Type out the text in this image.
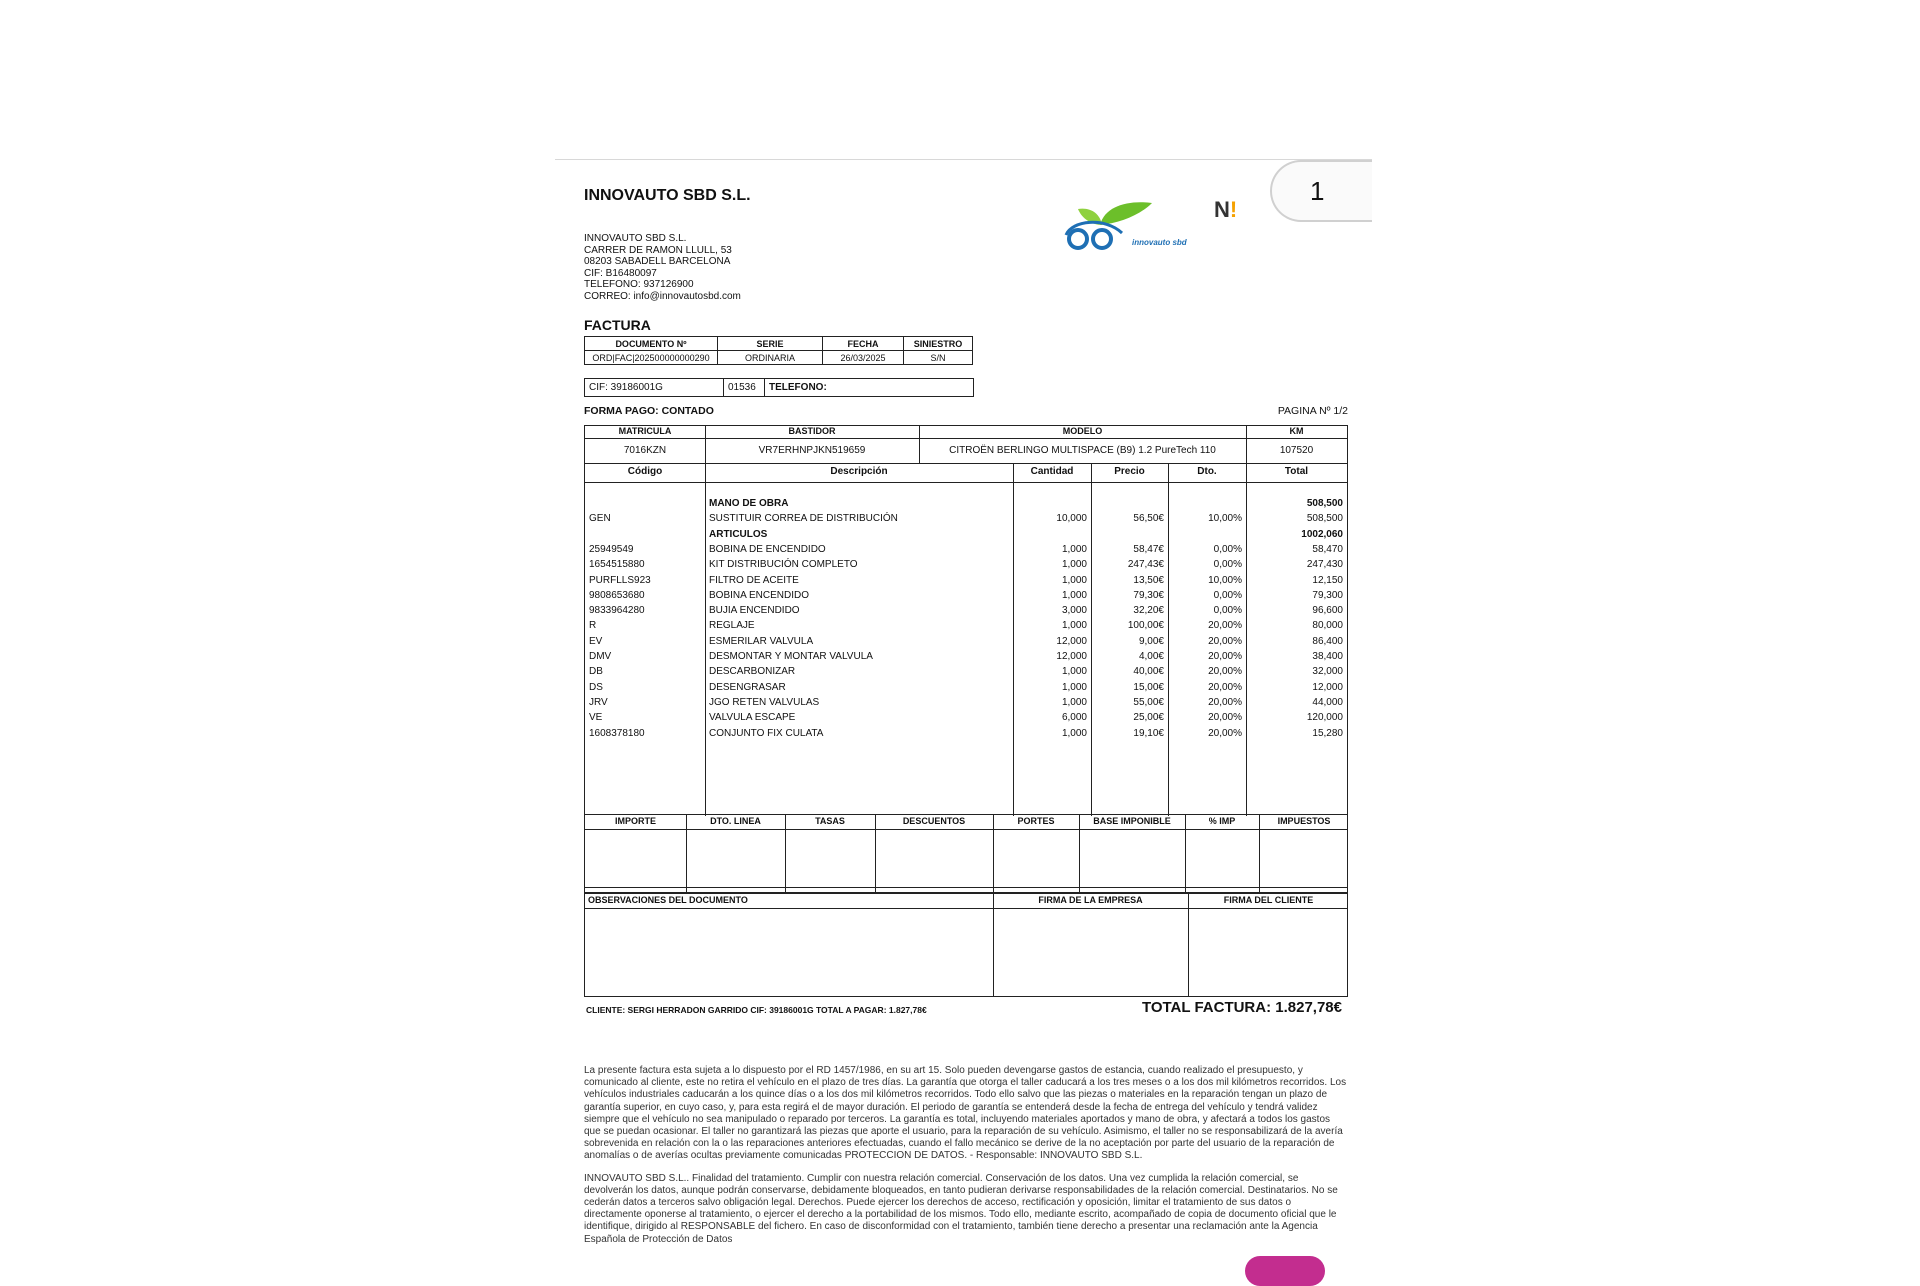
1
INNOVAUTO SBD S.L.
INNOVAUTO SBD S.L.
CARRER DE RAMON LLULL, 53
08203 SABADELL BARCELONA
CIF: B16480097
TELEFONO: 937126900
CORREO: info@innovautosbd.com
innovauto sbd
N!
FACTURA
DOCUMENTO Nº	SERIE	FECHA	SINIESTRO
ORD|FAC|202500000000290	ORDINARIA	26/03/2025	S/N
CIF: 39186001G	01536	TELEFONO:
FORMA PAGO: CONTADO	PAGINA Nº 1/2
MATRICULA	BASTIDOR	MODELO	KM
7016KZN	VR7ERHNPJKN519659	CITROËN BERLINGO MULTISPACE (B9) 1.2 PureTech 110	107520
Código	Descripción	Cantidad	Precio	Dto.	Total
MANO DE OBRA	508,500
GEN	SUSTITUIR CORREA DE DISTRIBUCIÓN	10,000	56,50€	10,00%	508,500
ARTICULOS	1002,060
25949549	BOBINA DE ENCENDIDO	1,000	58,47€	0,00%	58,470
1654515880	KIT DISTRIBUCIÓN COMPLETO	1,000	247,43€	0,00%	247,430
PURFLLS923	FILTRO DE ACEITE	1,000	13,50€	10,00%	12,150
9808653680	BOBINA ENCENDIDO	1,000	79,30€	0,00%	79,300
9833964280	BUJIA ENCENDIDO	3,000	32,20€	0,00%	96,600
R	REGLAJE	1,000	100,00€	20,00%	80,000
EV	ESMERILAR VALVULA	12,000	9,00€	20,00%	86,400
DMV	DESMONTAR Y MONTAR VALVULA	12,000	4,00€	20,00%	38,400
DB	DESCARBONIZAR	1,000	40,00€	20,00%	32,000
DS	DESENGRASAR	1,000	15,00€	20,00%	12,000
JRV	JGO RETEN VALVULAS	1,000	55,00€	20,00%	44,000
VE	VALVULA ESCAPE	6,000	25,00€	20,00%	120,000
1608378180	CONJUNTO FIX CULATA	1,000	19,10€	20,00%	15,280
IMPORTE	DTO. LINEA	TASAS	DESCUENTOS	PORTES	BASE IMPONIBLE	% IMP	IMPUESTOS
OBSERVACIONES DEL DOCUMENTO	FIRMA DE LA EMPRESA	FIRMA DEL CLIENTE
CLIENTE: SERGI HERRADON GARRIDO CIF: 39186001G TOTAL A PAGAR: 1.827,78€	TOTAL FACTURA: 1.827,78€

La presente factura esta sujeta a lo dispuesto por el RD 1457/1986, en su art 15. Solo pueden devengarse gastos de estancia, cuando realizado el presupuesto, y comunicado al cliente, este no retira el vehículo en el plazo de tres días. La garantía que otorga el taller caducará a los tres meses o a los dos mil kilómetros recorridos. Los vehículos industriales caducarán a los quince días o a los dos mil kilómetros recorridos. Todo ello salvo que las piezas o materiales en la reparación tengan un plazo de garantía superior, en cuyo caso, y, para esta regirá el de mayor duración. El periodo de garantía se entenderá desde la fecha de entrega del vehículo y tendrá validez siempre que el vehículo no sea manipulado o reparado por terceros. La garantía es total, incluyendo materiales aportados y mano de obra, y afectará a todos los gastos que se puedan ocasionar. El taller no garantizará las piezas que aporte el usuario, para la reparación de su vehículo. Asimismo, el taller no se responsabilizará de la avería sobrevenida en relación con la o las reparaciones anteriores efectuadas, cuando el fallo mecánico se derive de la no aceptación por parte del usuario de la reparación de anomalías o de averías ocultas previamente comunicadas PROTECCION DE DATOS. - Responsable: INNOVAUTO SBD S.L.

INNOVAUTO SBD S.L.. Finalidad del tratamiento. Cumplir con nuestra relación comercial. Conservación de los datos. Una vez cumplida la relación comercial, se devolverán los datos, aunque podrán conservarse, debidamente bloqueados, en tanto pudieran derivarse responsabilidades de la relación comercial. Destinatarios. No se cederán datos a terceros salvo obligación legal. Derechos. Puede ejercer los derechos de acceso, rectificación y oposición, limitar el tratamiento de sus datos o directamente oponerse al tratamiento, o ejercer el derecho a la portabilidad de los mismos. Todo ello, mediante escrito, acompañado de copia de documento oficial que le identifique, dirigido al RESPONSABLE del fichero. En caso de disconformidad con el tratamiento, también tiene derecho a presentar una reclamación ante la Agencia Española de Protección de Datos
